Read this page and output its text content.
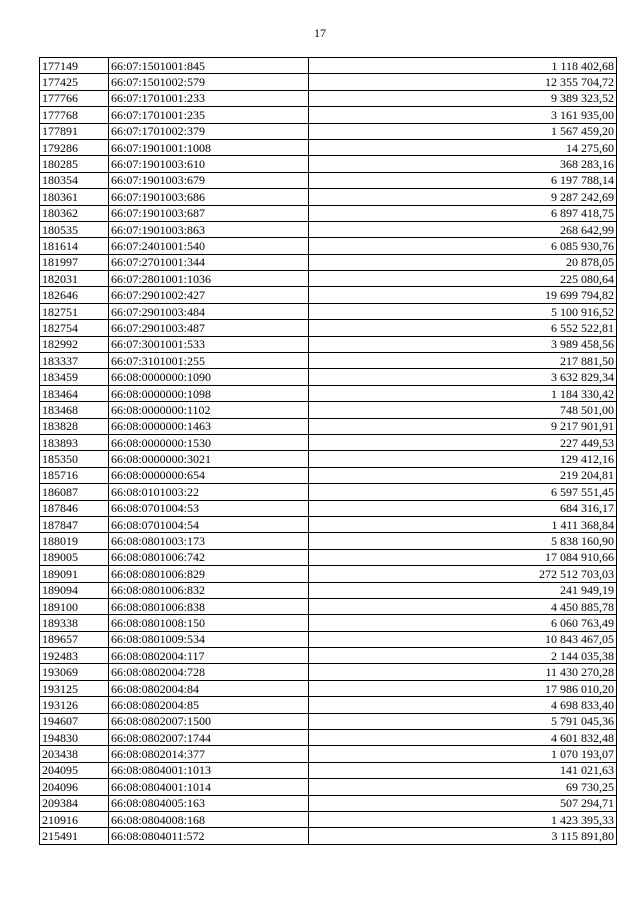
17
177149	66:07:1501001:845	1 118 402,68
177425	66:07:1501002:579	12 355 704,72
177766	66:07:1701001:233	9 389 323,52
177768	66:07:1701001:235	3 161 935,00
177891	66:07:1701002:379	1 567 459,20
179286	66:07:1901001:1008	14 275,60
180285	66:07:1901003:610	368 283,16
180354	66:07:1901003:679	6 197 788,14
180361	66:07:1901003:686	9 287 242,69
180362	66:07:1901003:687	6 897 418,75
180535	66:07:1901003:863	268 642,99
181614	66:07:2401001:540	6 085 930,76
181997	66:07:2701001:344	20 878,05
182031	66:07:2801001:1036	225 080,64
182646	66:07:2901002:427	19 699 794,82
182751	66:07:2901003:484	5 100 916,52
182754	66:07:2901003:487	6 552 522,81
182992	66:07:3001001:533	3 989 458,56
183337	66:07:3101001:255	217 881,50
183459	66:08:0000000:1090	3 632 829,34
183464	66:08:0000000:1098	1 184 330,42
183468	66:08:0000000:1102	748 501,00
183828	66:08:0000000:1463	9 217 901,91
183893	66:08:0000000:1530	227 449,53
185350	66:08:0000000:3021	129 412,16
185716	66:08:0000000:654	219 204,81
186087	66:08:0101003:22	6 597 551,45
187846	66:08:0701004:53	684 316,17
187847	66:08:0701004:54	1 411 368,84
188019	66:08:0801003:173	5 838 160,90
189005	66:08:0801006:742	17 084 910,66
189091	66:08:0801006:829	272 512 703,03
189094	66:08:0801006:832	241 949,19
189100	66:08:0801006:838	4 450 885,78
189338	66:08:0801008:150	6 060 763,49
189657	66:08:0801009:534	10 843 467,05
192483	66:08:0802004:117	2 144 035,38
193069	66:08:0802004:728	11 430 270,28
193125	66:08:0802004:84	17 986 010,20
193126	66:08:0802004:85	4 698 833,40
194607	66:08:0802007:1500	5 791 045,36
194830	66:08:0802007:1744	4 601 832,48
203438	66:08:0802014:377	1 070 193,07
204095	66:08:0804001:1013	141 021,63
204096	66:08:0804001:1014	69 730,25
209384	66:08:0804005:163	507 294,71
210916	66:08:0804008:168	1 423 395,33
215491	66:08:0804011:572	3 115 891,80
